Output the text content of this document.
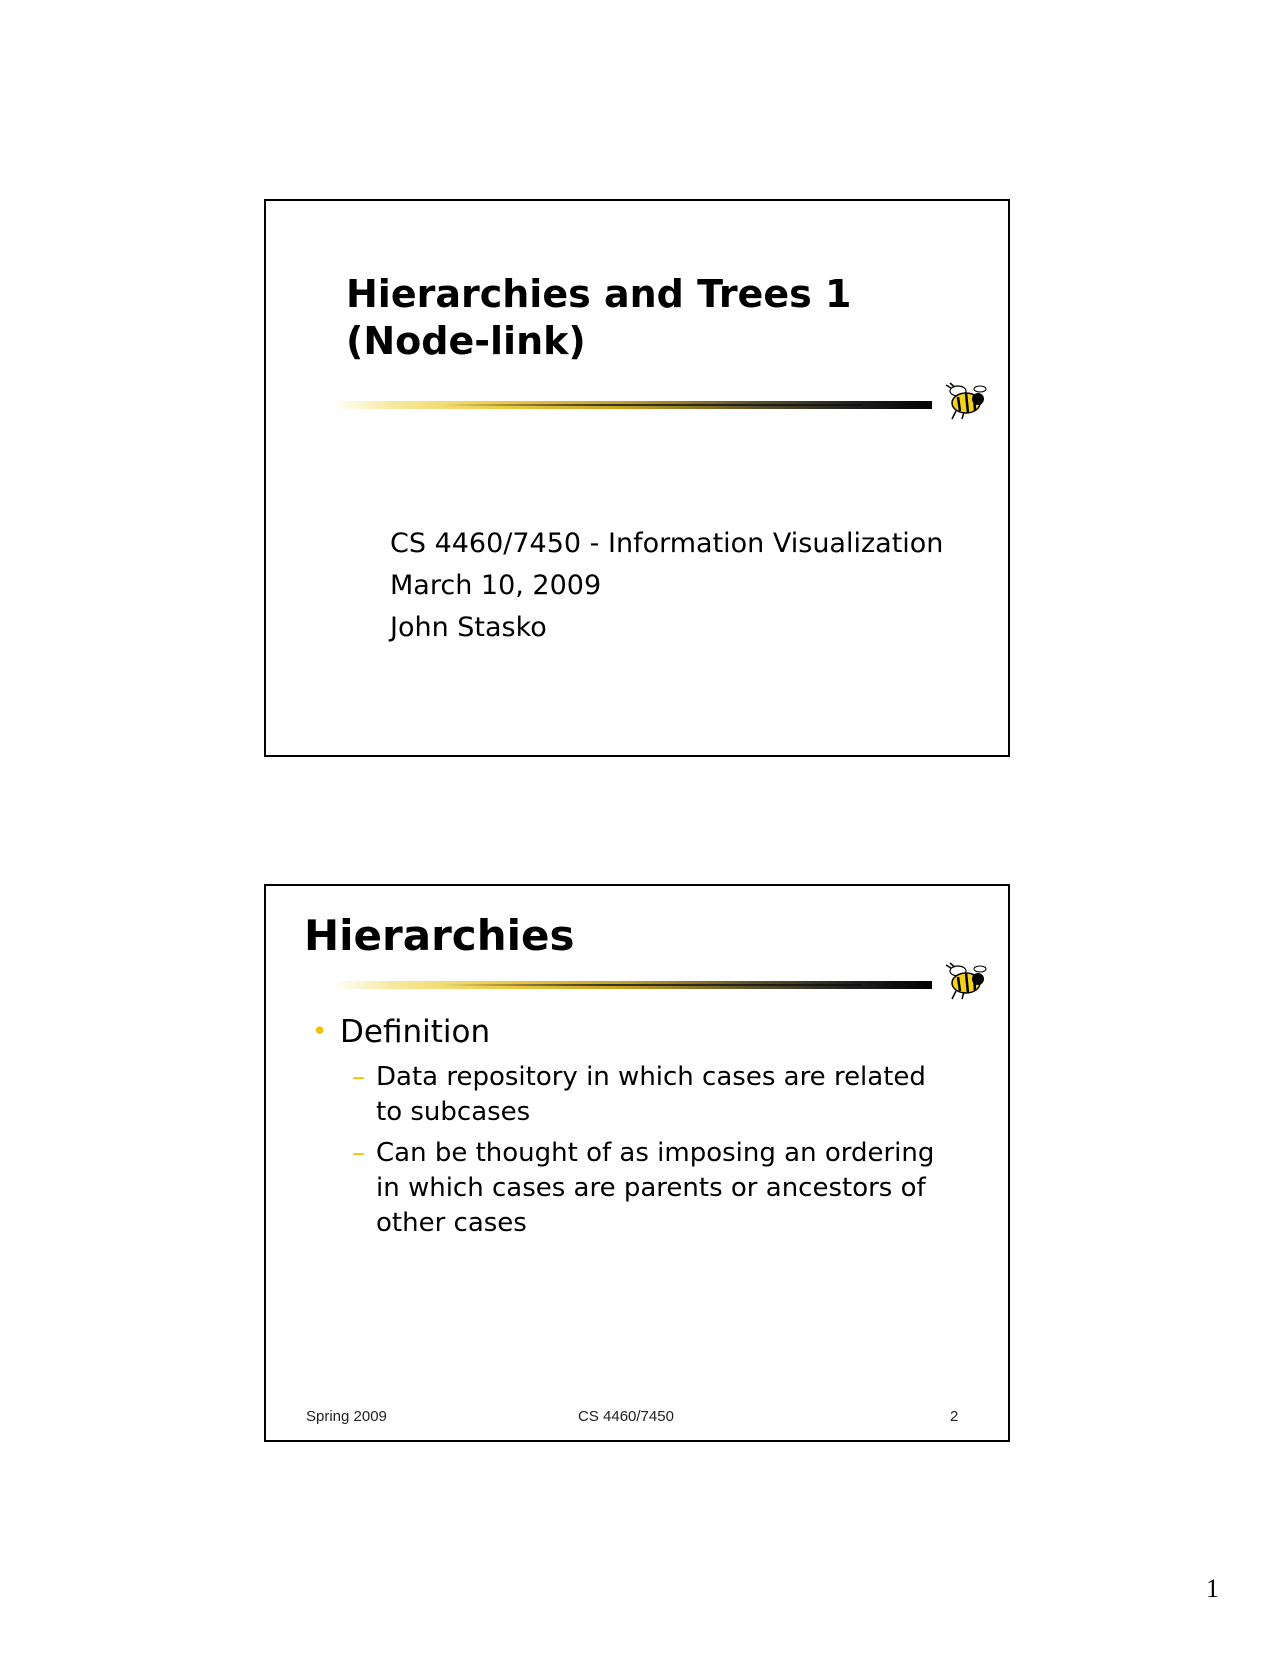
Hierarchies and Trees 1
(Node-link)
CS 4460/7450 - Information Visualization
March 10, 2009
John Stasko
Hierarchies
• Definition
– Data repository in which cases are related to subcases
– Can be thought of as imposing an ordering in which cases are parents or ancestors of other cases
Spring 2009	CS 4460/7450	2
1
